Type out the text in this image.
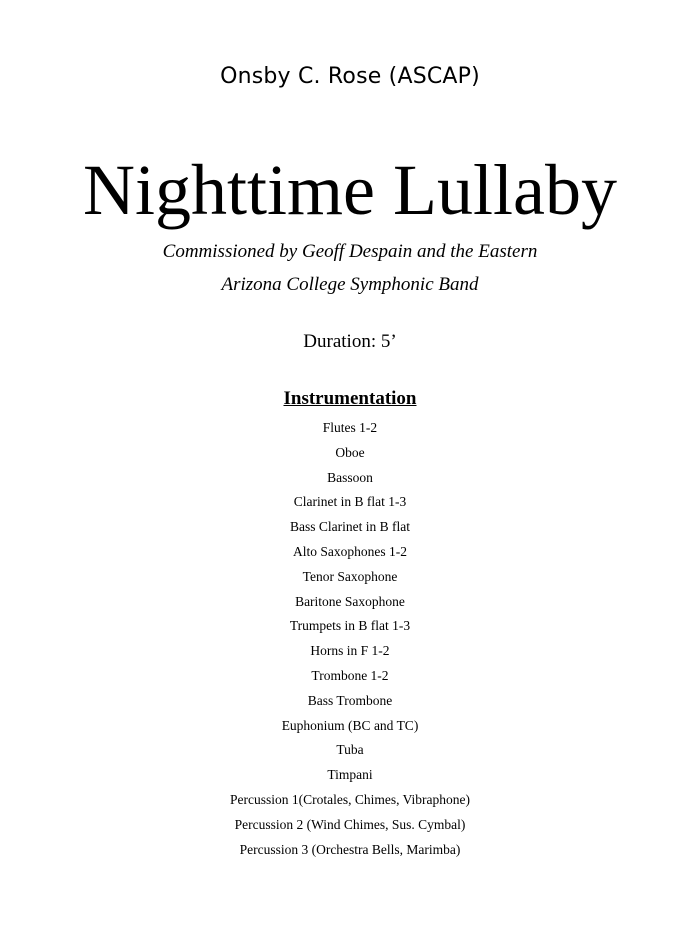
Onsby C. Rose (ASCAP)
Nighttime Lullaby
Commissioned by Geoff Despain and the Eastern
Arizona College Symphonic Band
Duration: 5’
Instrumentation
Flutes 1-2
Oboe
Bassoon
Clarinet in B flat 1-3
Bass Clarinet in B flat
Alto Saxophones 1-2
Tenor Saxophone
Baritone Saxophone
Trumpets in B flat 1-3
Horns in F 1-2
Trombone 1-2
Bass Trombone
Euphonium (BC and TC)
Tuba
Timpani
Percussion 1(Crotales, Chimes, Vibraphone)
Percussion 2 (Wind Chimes, Sus. Cymbal)
Percussion 3 (Orchestra Bells, Marimba)
